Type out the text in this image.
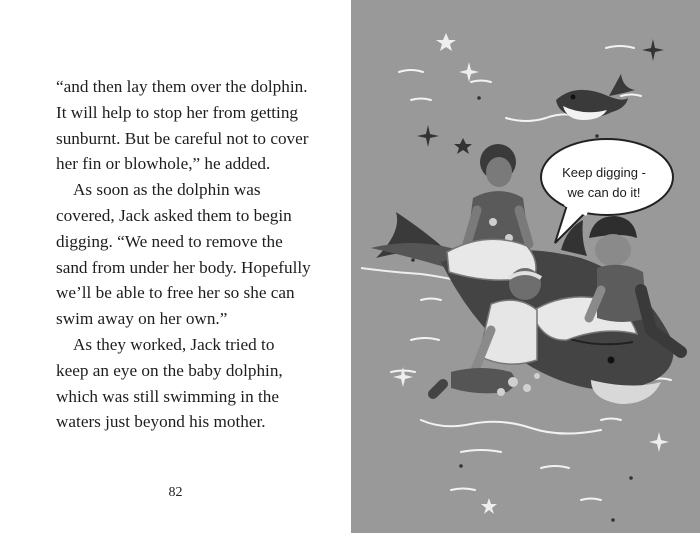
“and then lay them over the dolphin.
It will help to stop her from getting
sunburnt. But be careful not to cover
her fin or blowhole,” he added.

As soon as the dolphin was
covered, Jack asked them to begin
digging. “We need to remove the
sand from under her body. Hopefully
we’ll be able to free her so she can
swim away on her own.”

As they worked, Jack tried to
keep an eye on the baby dolphin,
which was still swimming in the
waters just beyond his mother.

82
Keep digging -
we can do it!
